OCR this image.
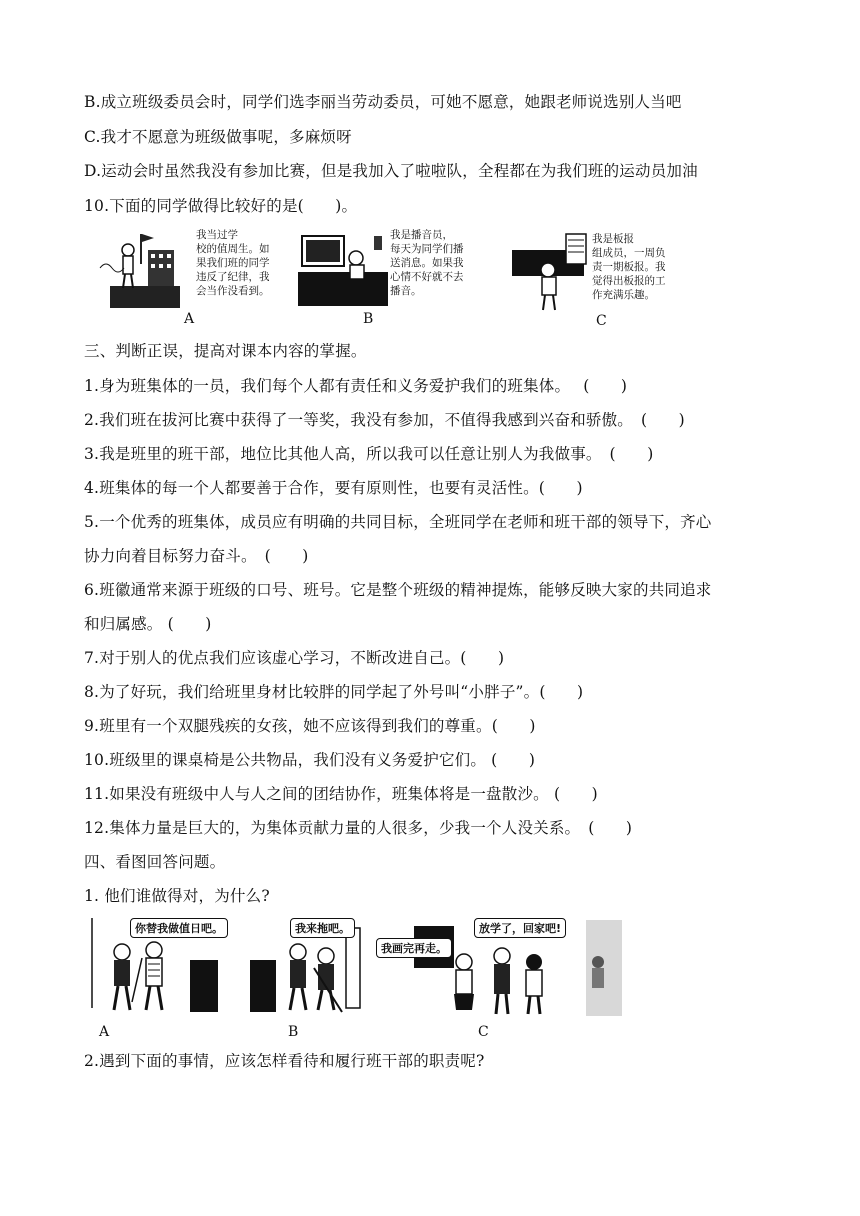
B.成立班级委员会时，同学们选李丽当劳动委员，可她不愿意，她跟老师说选别人当吧
C.我才不愿意为班级做事呢，多麻烦呀
D.运动会时虽然我没有参加比赛，但是我加入了啦啦队，全程都在为我们班的运动员加油
10.下面的同学做得比较好的是(　　)。
我当过学
校的值周生。如
果我们班的同学
违反了纪律，我
会当作没看到。
A
我是播音员，
每天为同学们播
送消息。如果我
心情不好就不去
播音。
B
我是板报
组成员，一周负
责一期板报。我
觉得出板报的工
作充满乐趣。
C
三、判断正误，提高对课本内容的掌握。
1.身为班集体的一员，我们每个人都有责任和义务爱护我们的班集体。　 (　　)
2.我们班在拔河比赛中获得了一等奖，我没有参加，不值得我感到兴奋和骄傲。　(　　)
3.我是班里的班干部，地位比其他人高，所以我可以任意让别人为我做事。　(　　)
4.班集体的每一个人都要善于合作，要有原则性，也要有灵活性。(　　)
5.一个优秀的班集体，成员应有明确的共同目标，全班同学在老师和班干部的领导下，齐心
协力向着目标努力奋斗。　(　　)
6.班徽通常来源于班级的口号、班号。它是整个班级的精神提炼，能够反映大家的共同追求
和归属感。 (　　)
7.对于别人的优点我们应该虚心学习，不断改进自己。(　　)
8.为了好玩，我们给班里身材比较胖的同学起了外号叫“小胖子”。(　　)
9.班里有一个双腿残疾的女孩，她不应该得到我们的尊重。(　　)
10.班级里的课桌椅是公共物品，我们没有义务爱护它们。 (　　)
11.如果没有班级中人与人之间的团结协作，班集体将是一盘散沙。 (　　)
12.集体力量是巨大的，为集体贡献力量的人很多，少我一个人没关系。　(　　)
四、看图回答问题。
1. 他们谁做得对，为什么?
你替我做值日吧。
A
我来拖吧。
B
放学了，回家吧!
我画完再走。
C
2.遇到下面的事情，应该怎样看待和履行班干部的职责呢?
